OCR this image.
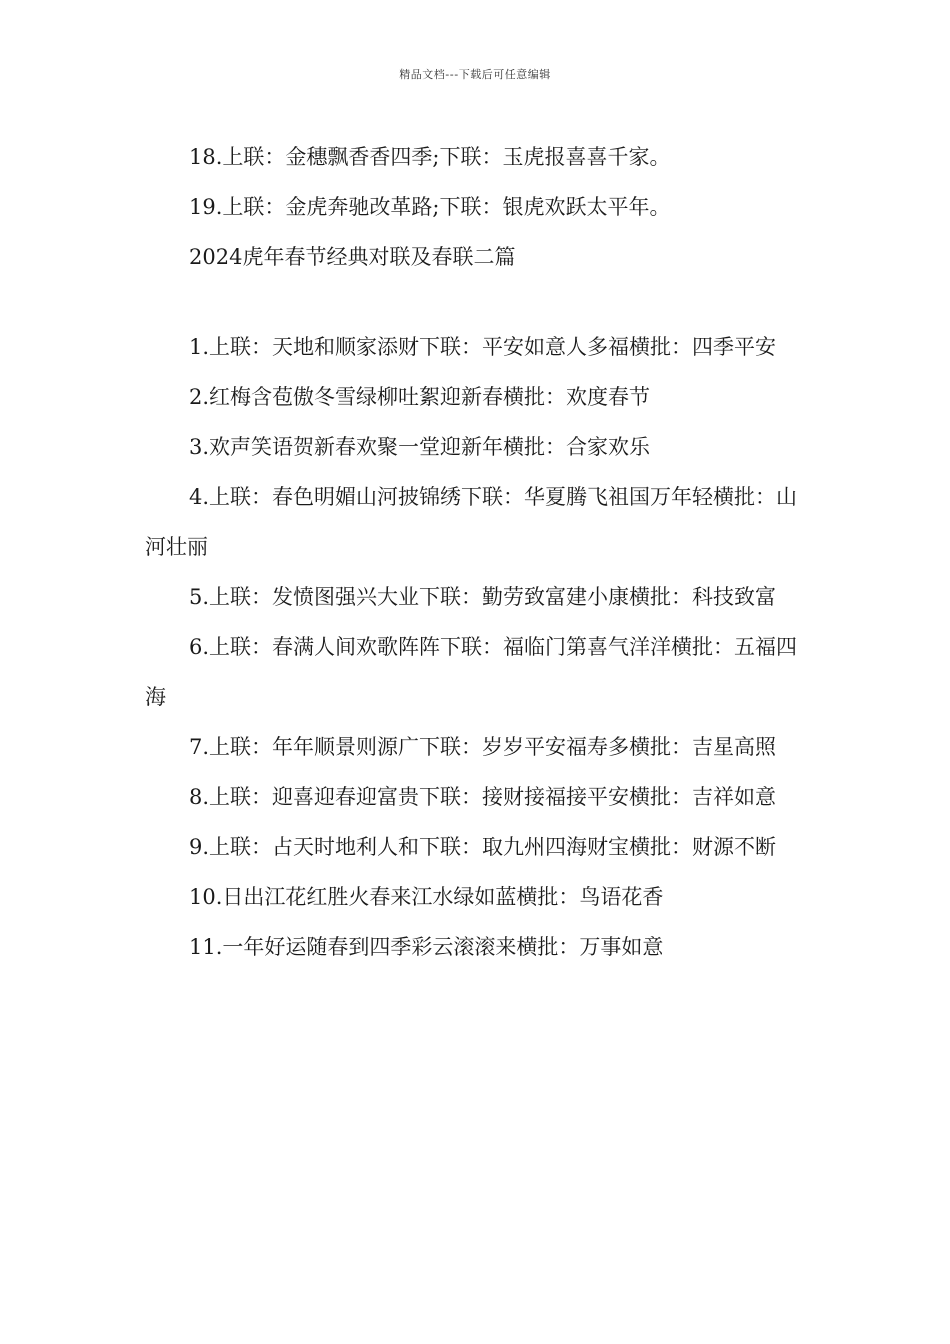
精品文档---下载后可任意编辑

18.上联：金穗飘香香四季;下联：玉虎报喜喜千家。

19.上联：金虎奔驰改革路;下联：银虎欢跃太平年。

2024虎年春节经典对联及春联二篇

1.上联：天地和顺家添财下联：平安如意人多福横批：四季平安

2.红梅含苞傲冬雪绿柳吐絮迎新春横批：欢度春节

3.欢声笑语贺新春欢聚一堂迎新年横批：合家欢乐

4.上联：春色明媚山河披锦绣下联：华夏腾飞祖国万年轻横批：山河壮丽

5.上联：发愤图强兴大业下联：勤劳致富建小康横批：科技致富

6.上联：春满人间欢歌阵阵下联：福临门第喜气洋洋横批：五福四海

7.上联：年年顺景则源广下联：岁岁平安福寿多横批：吉星高照

8.上联：迎喜迎春迎富贵下联：接财接福接平安横批：吉祥如意

9.上联：占天时地利人和下联：取九州四海财宝横批：财源不断

10.日出江花红胜火春来江水绿如蓝横批：鸟语花香

11.一年好运随春到四季彩云滚滚来横批：万事如意
